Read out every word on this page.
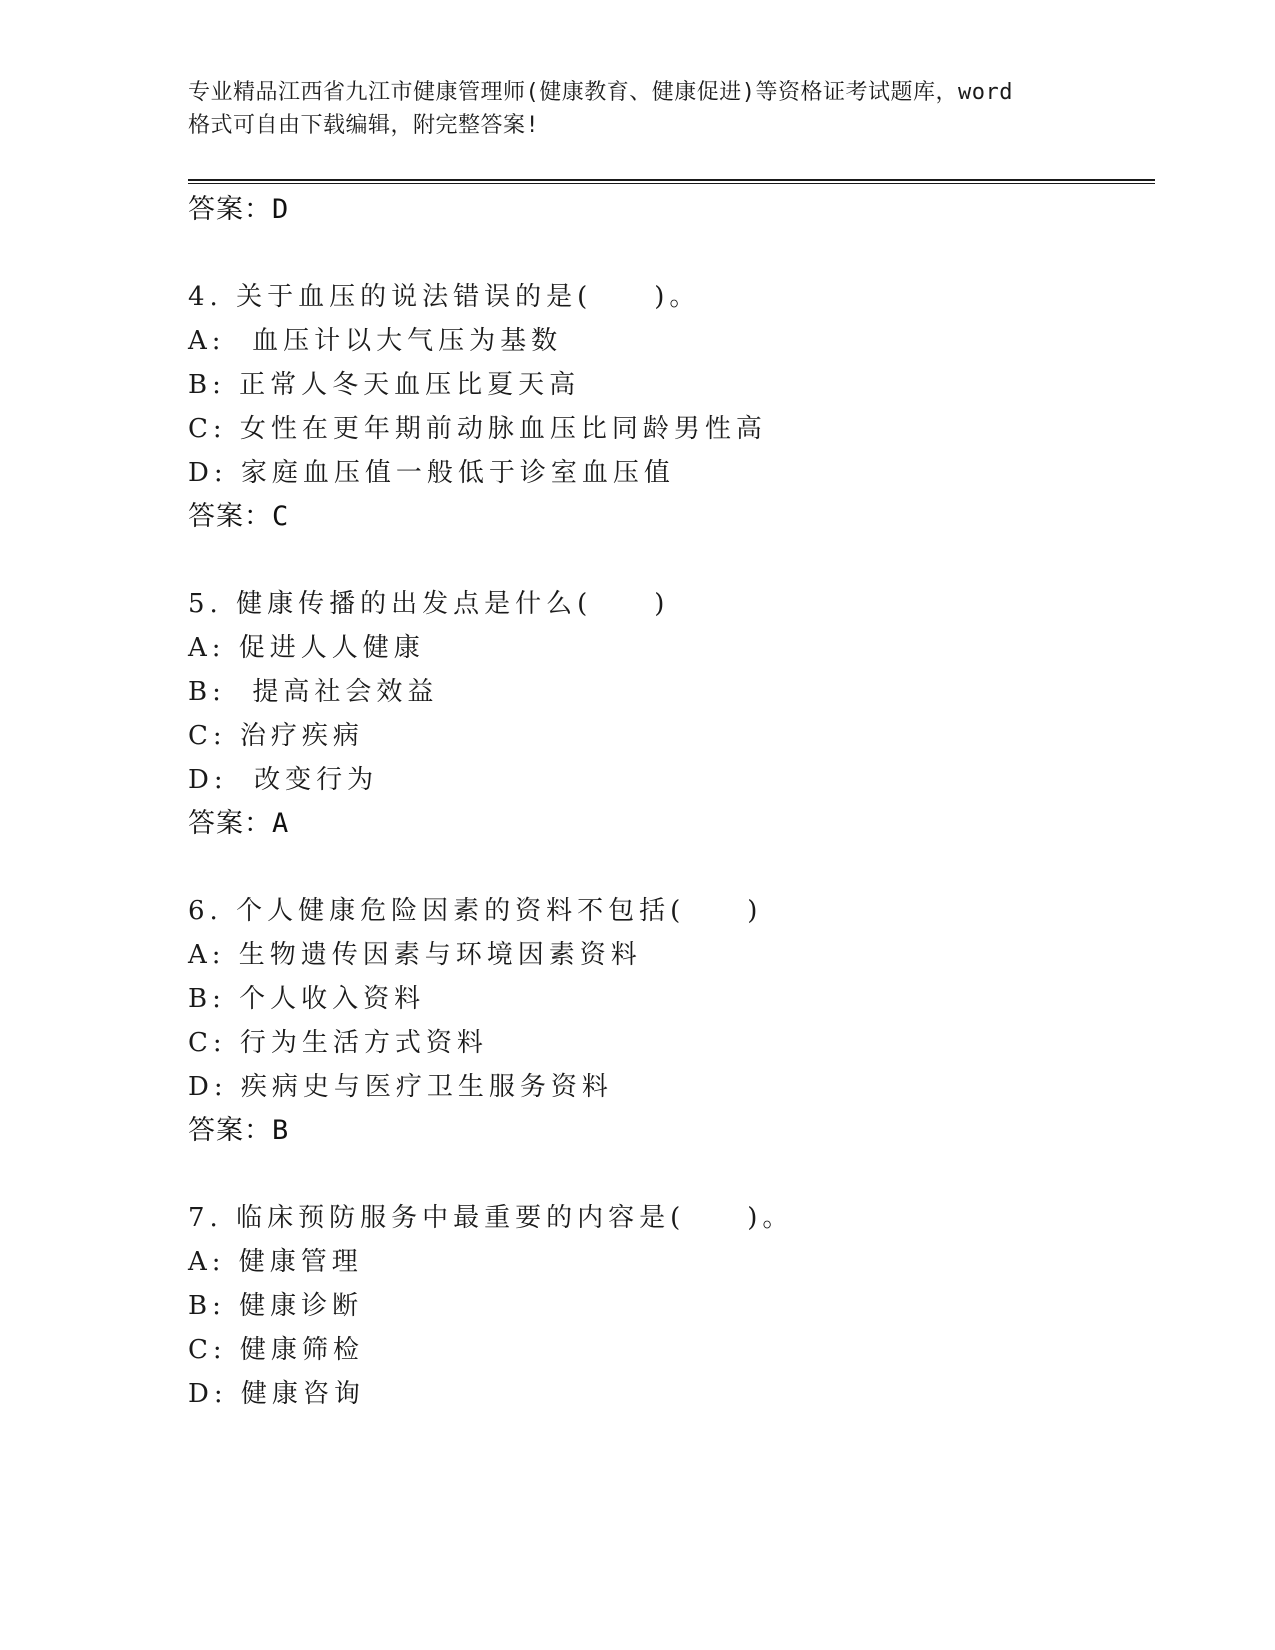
专业精品江西省九江市健康管理师(健康教育、健康促进)等资格证考试题库，word
格式可自由下载编辑，附完整答案!
答案：D
4. 关于血压的说法错误的是(　　)。
A:  血压计以大气压为基数
B: 正常人冬天血压比夏天高
C: 女性在更年期前动脉血压比同龄男性高
D: 家庭血压值一般低于诊室血压值
答案：C
5. 健康传播的出发点是什么(　　)
A: 促进人人健康
B:  提高社会效益
C: 治疗疾病
D:  改变行为
答案：A
6. 个人健康危险因素的资料不包括(　　)
A: 生物遗传因素与环境因素资料
B: 个人收入资料
C: 行为生活方式资料
D: 疾病史与医疗卫生服务资料
答案：B
7. 临床预防服务中最重要的内容是(　　)。
A: 健康管理
B: 健康诊断
C: 健康筛检
D: 健康咨询
